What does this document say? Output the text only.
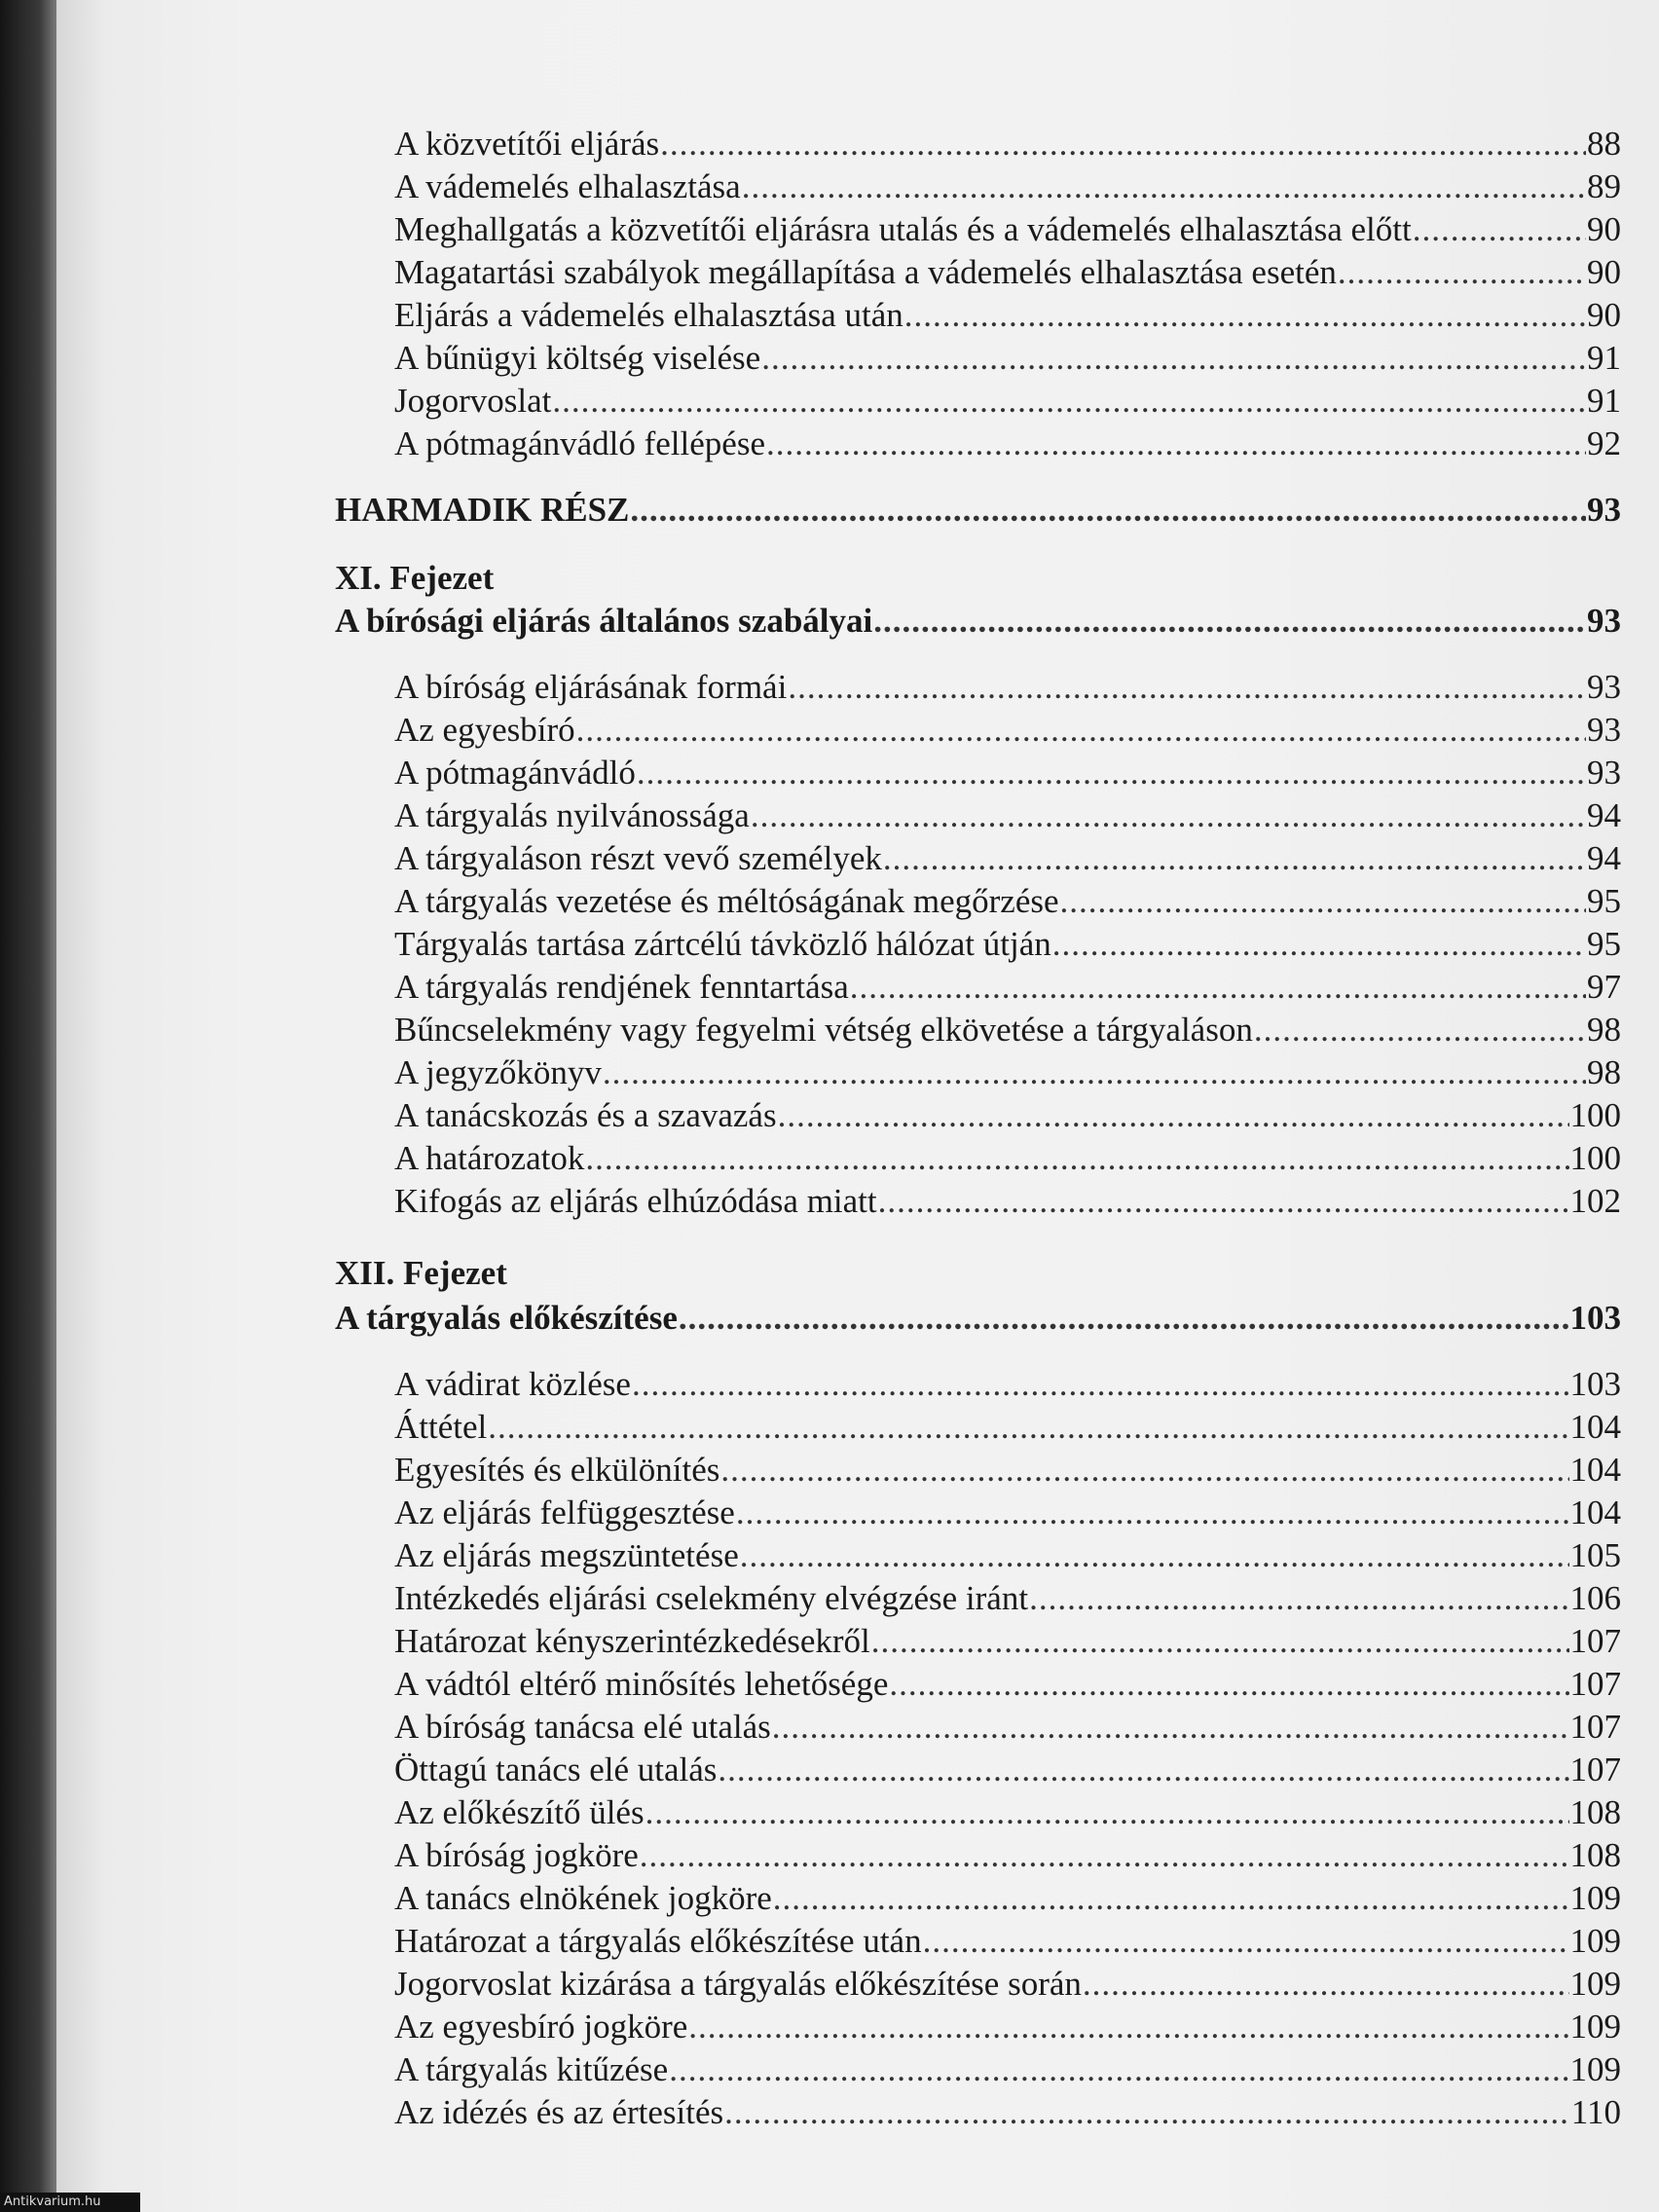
A közvetítői eljárás .....	88
A vádemelés elhalasztása .....	89
Meghallgatás a közvetítői eljárásra utalás és a vádemelés elhalasztása előtt .....	90
Magatartási szabályok megállapítása a vádemelés elhalasztása esetén .....	90
Eljárás a vádemelés elhalasztása után .....	90
A bűnügyi költség viselése .....	91
Jogorvoslat .....	91
A pótmagánvádló fellépése .....	92
HARMADIK RÉSZ .....	93
XI. Fejezet
A bírósági eljárás általános szabályai .....	93
A bíróság eljárásának formái .....	93
Az egyesbíró .....	93
A pótmagánvádló .....	93
A tárgyalás nyilvánossága .....	94
A tárgyaláson részt vevő személyek .....	94
A tárgyalás vezetése és méltóságának megőrzése .....	95
Tárgyalás tartása zártcélú távközlő hálózat útján .....	95
A tárgyalás rendjének fenntartása .....	97
Bűncselekmény vagy fegyelmi vétség elkövetése a tárgyaláson .....	98
A jegyzőkönyv .....	98
A tanácskozás és a szavazás .....	100
A határozatok .....	100
Kifogás az eljárás elhúzódása miatt .....	102
XII. Fejezet
A tárgyalás előkészítése .....	103
A vádirat közlése .....	103
Áttétel .....	104
Egyesítés és elkülönítés .....	104
Az eljárás felfüggesztése .....	104
Az eljárás megszüntetése .....	105
Intézkedés eljárási cselekmény elvégzése iránt .....	106
Határozat kényszerintézkedésekről .....	107
A vádtól eltérő minősítés lehetősége .....	107
A bíróság tanácsa elé utalás .....	107
Öttagú tanács elé utalás .....	107
Az előkészítő ülés .....	108
A bíróság jogköre .....	108
A tanács elnökének jogköre .....	109
Határozat a tárgyalás előkészítése után .....	109
Jogorvoslat kizárása a tárgyalás előkészítése során .....	109
Az egyesbíró jogköre .....	109
A tárgyalás kitűzése .....	109
Az idézés és az értesítés .....	110
Antikvarium.hu
